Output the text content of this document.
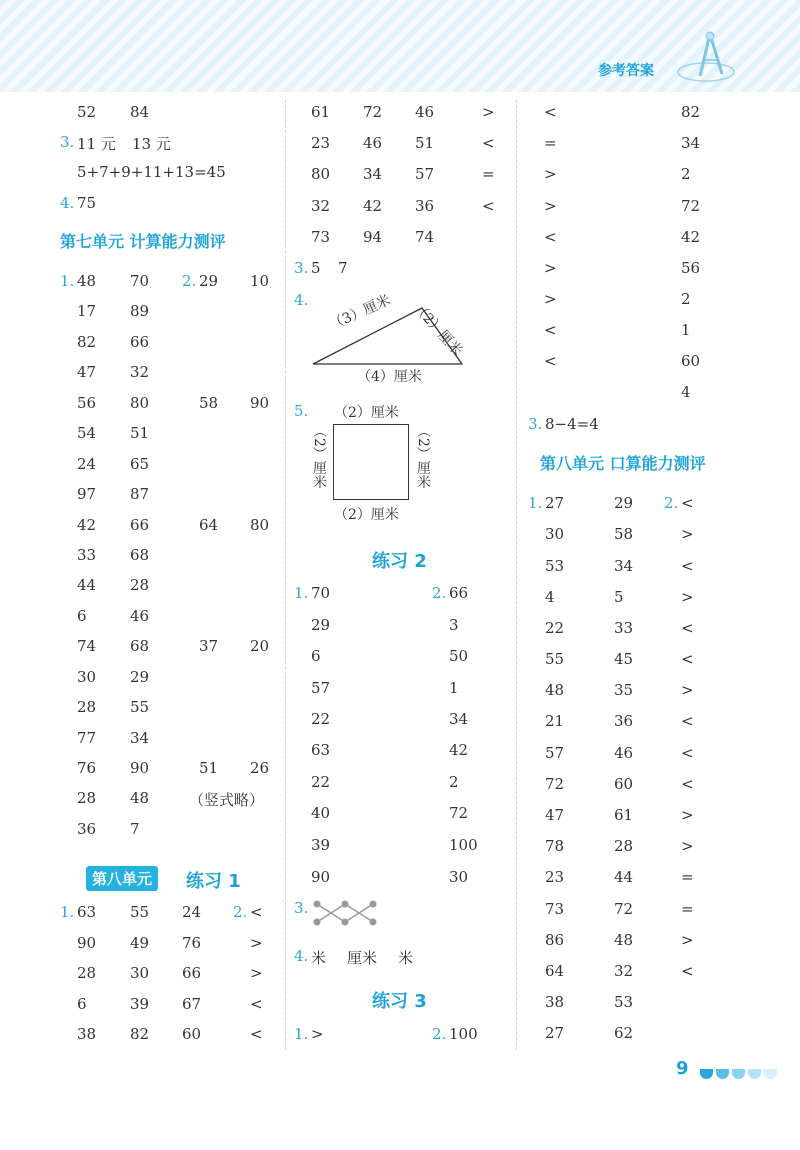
参考答案
52 84
3. 11 元 13 元
5+7+9+11+13=45
4. 75
1. 48 70 2. 29 10
17 89
82 66
47 32
56 80	58 90
54 51
24 65
97 87
42 66	64 80
33 68
44 28
6	46
74 68	37 20
30 29
28 55
77 34
76 90	51 26
28 48	（竖式略）
36 7
1. 63 55 24 2. <
90 49 76	>
28 30 66	>
6	39 67	<
38 82 60	<
第七单元 计算能力测评
第八单元	练习 1
61 72 46	>
23 46 51	<
80 34 57	=
32 42 36	<
73 94 74
3. 5 7
4.
5.
1. 70	2. 66
29	3
6	50
57	1
22	34
63	42
22	2
40	72
39	100
90	30
3.
4. 米 厘米 米
1. >	2. 100
练习 2
练习 3
<	82
=	34
>	2
>	72
<	42
>	56
>	2
<	1
<	60
4
3. 8−4=4
1. 27	29 2. <
30	58	>
53	34	<
4	5	>
22	33	<
55	45	<
48	35	>
21	36	<
57	46	<
72	60	<
47	61	>
78	28	>
23	44	=
73	72	=
86	48	>
64	32	<
38	53
27	62
第八单元 口算能力测评
（3）厘米 （2）厘米
（4）厘米
（2）厘米
（2）厘米
（2）厘米	（2）厘米
9
